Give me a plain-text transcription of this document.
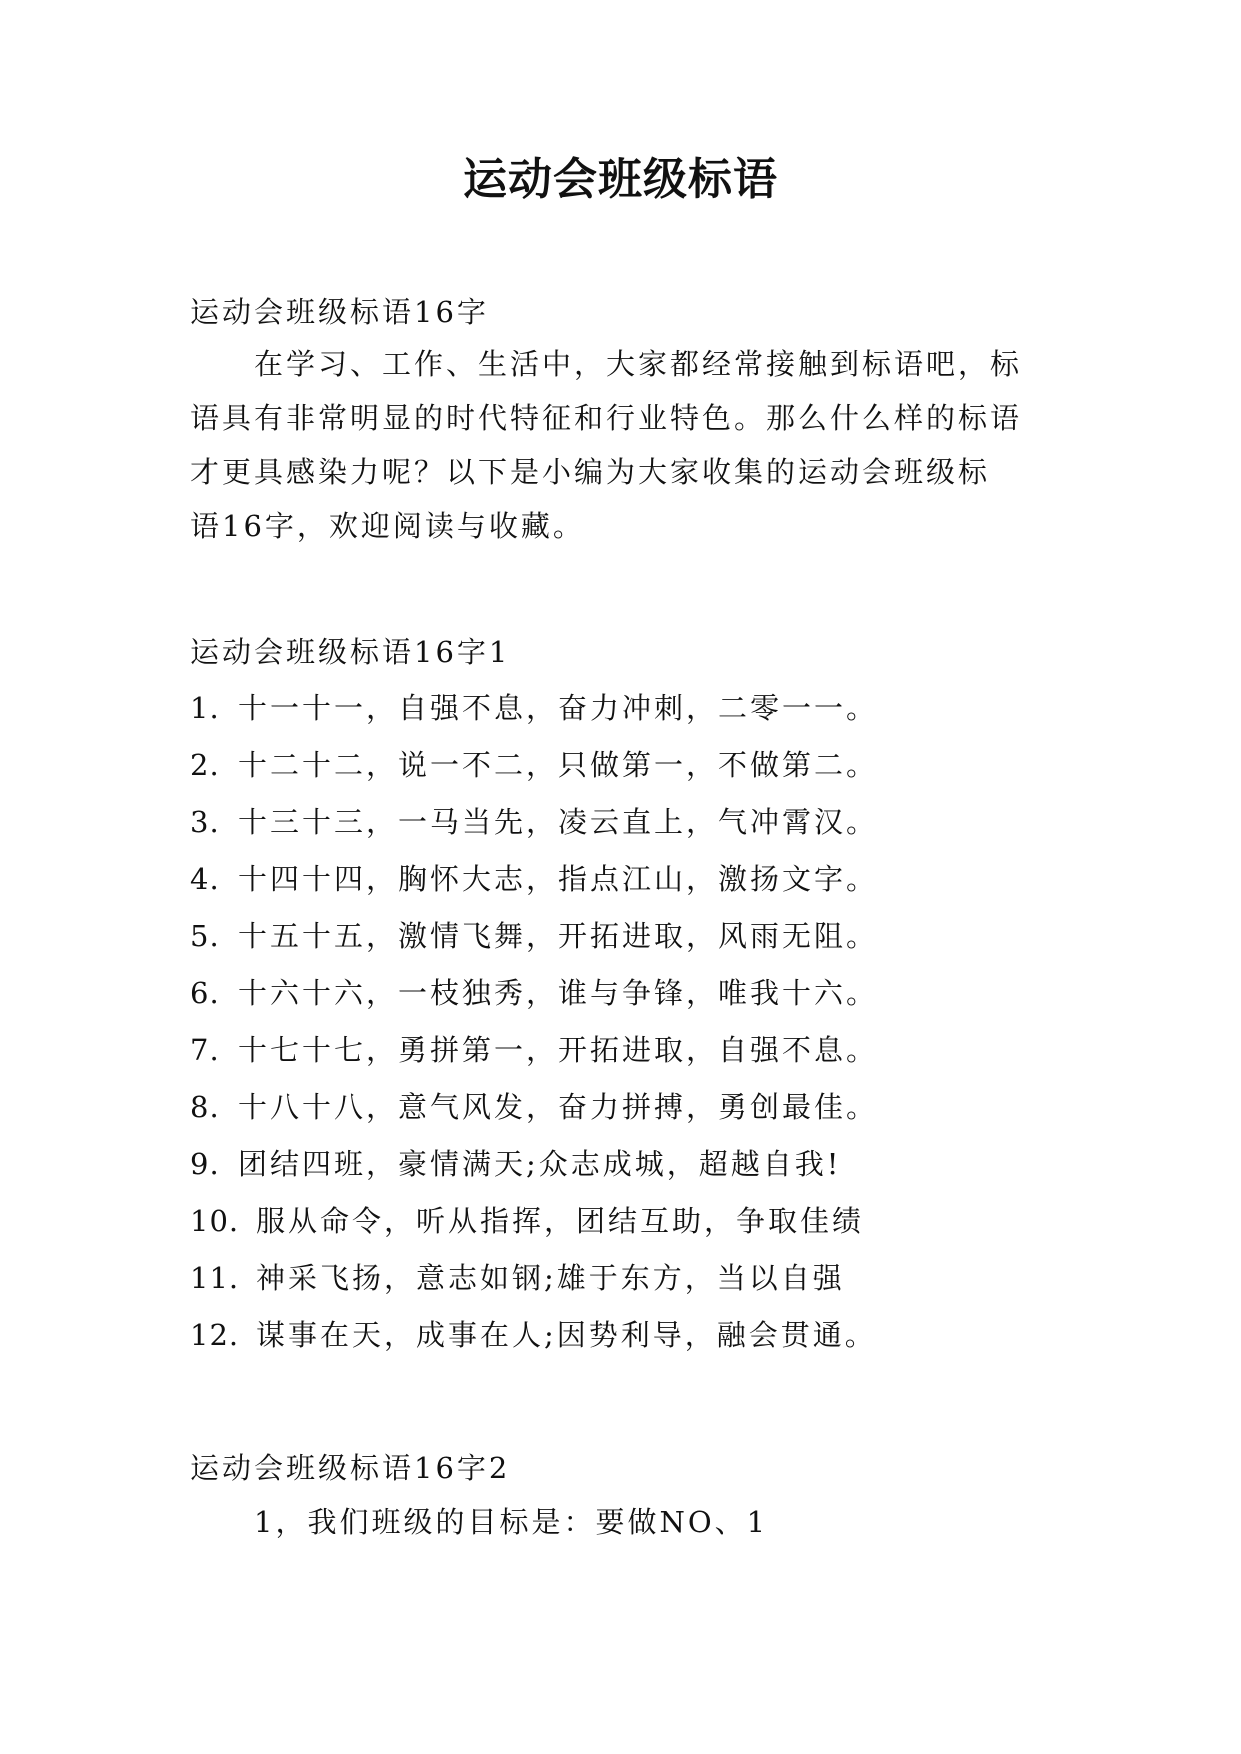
运动会班级标语
运动会班级标语16字
在学习、工作、生活中，大家都经常接触到标语吧，标
语具有非常明显的时代特征和行业特色。那么什么样的标语
才更具感染力呢？以下是小编为大家收集的运动会班级标
语16字，欢迎阅读与收藏。
运动会班级标语16字1
1. 十一十一，自强不息，奋力冲刺，二零一一。
2. 十二十二，说一不二，只做第一，不做第二。
3. 十三十三，一马当先，凌云直上，气冲霄汉。
4. 十四十四，胸怀大志，指点江山，激扬文字。
5. 十五十五，激情飞舞，开拓进取，风雨无阻。
6. 十六十六，一枝独秀，谁与争锋，唯我十六。
7. 十七十七，勇拼第一，开拓进取，自强不息。
8. 十八十八，意气风发，奋力拼搏，勇创最佳。
9. 团结四班，豪情满天;众志成城，超越自我!
10. 服从命令，听从指挥，团结互助，争取佳绩
11. 神采飞扬，意志如钢;雄于东方，当以自强
12. 谋事在天，成事在人;因势利导，融会贯通。
运动会班级标语16字2
1，我们班级的目标是：要做NO、1
